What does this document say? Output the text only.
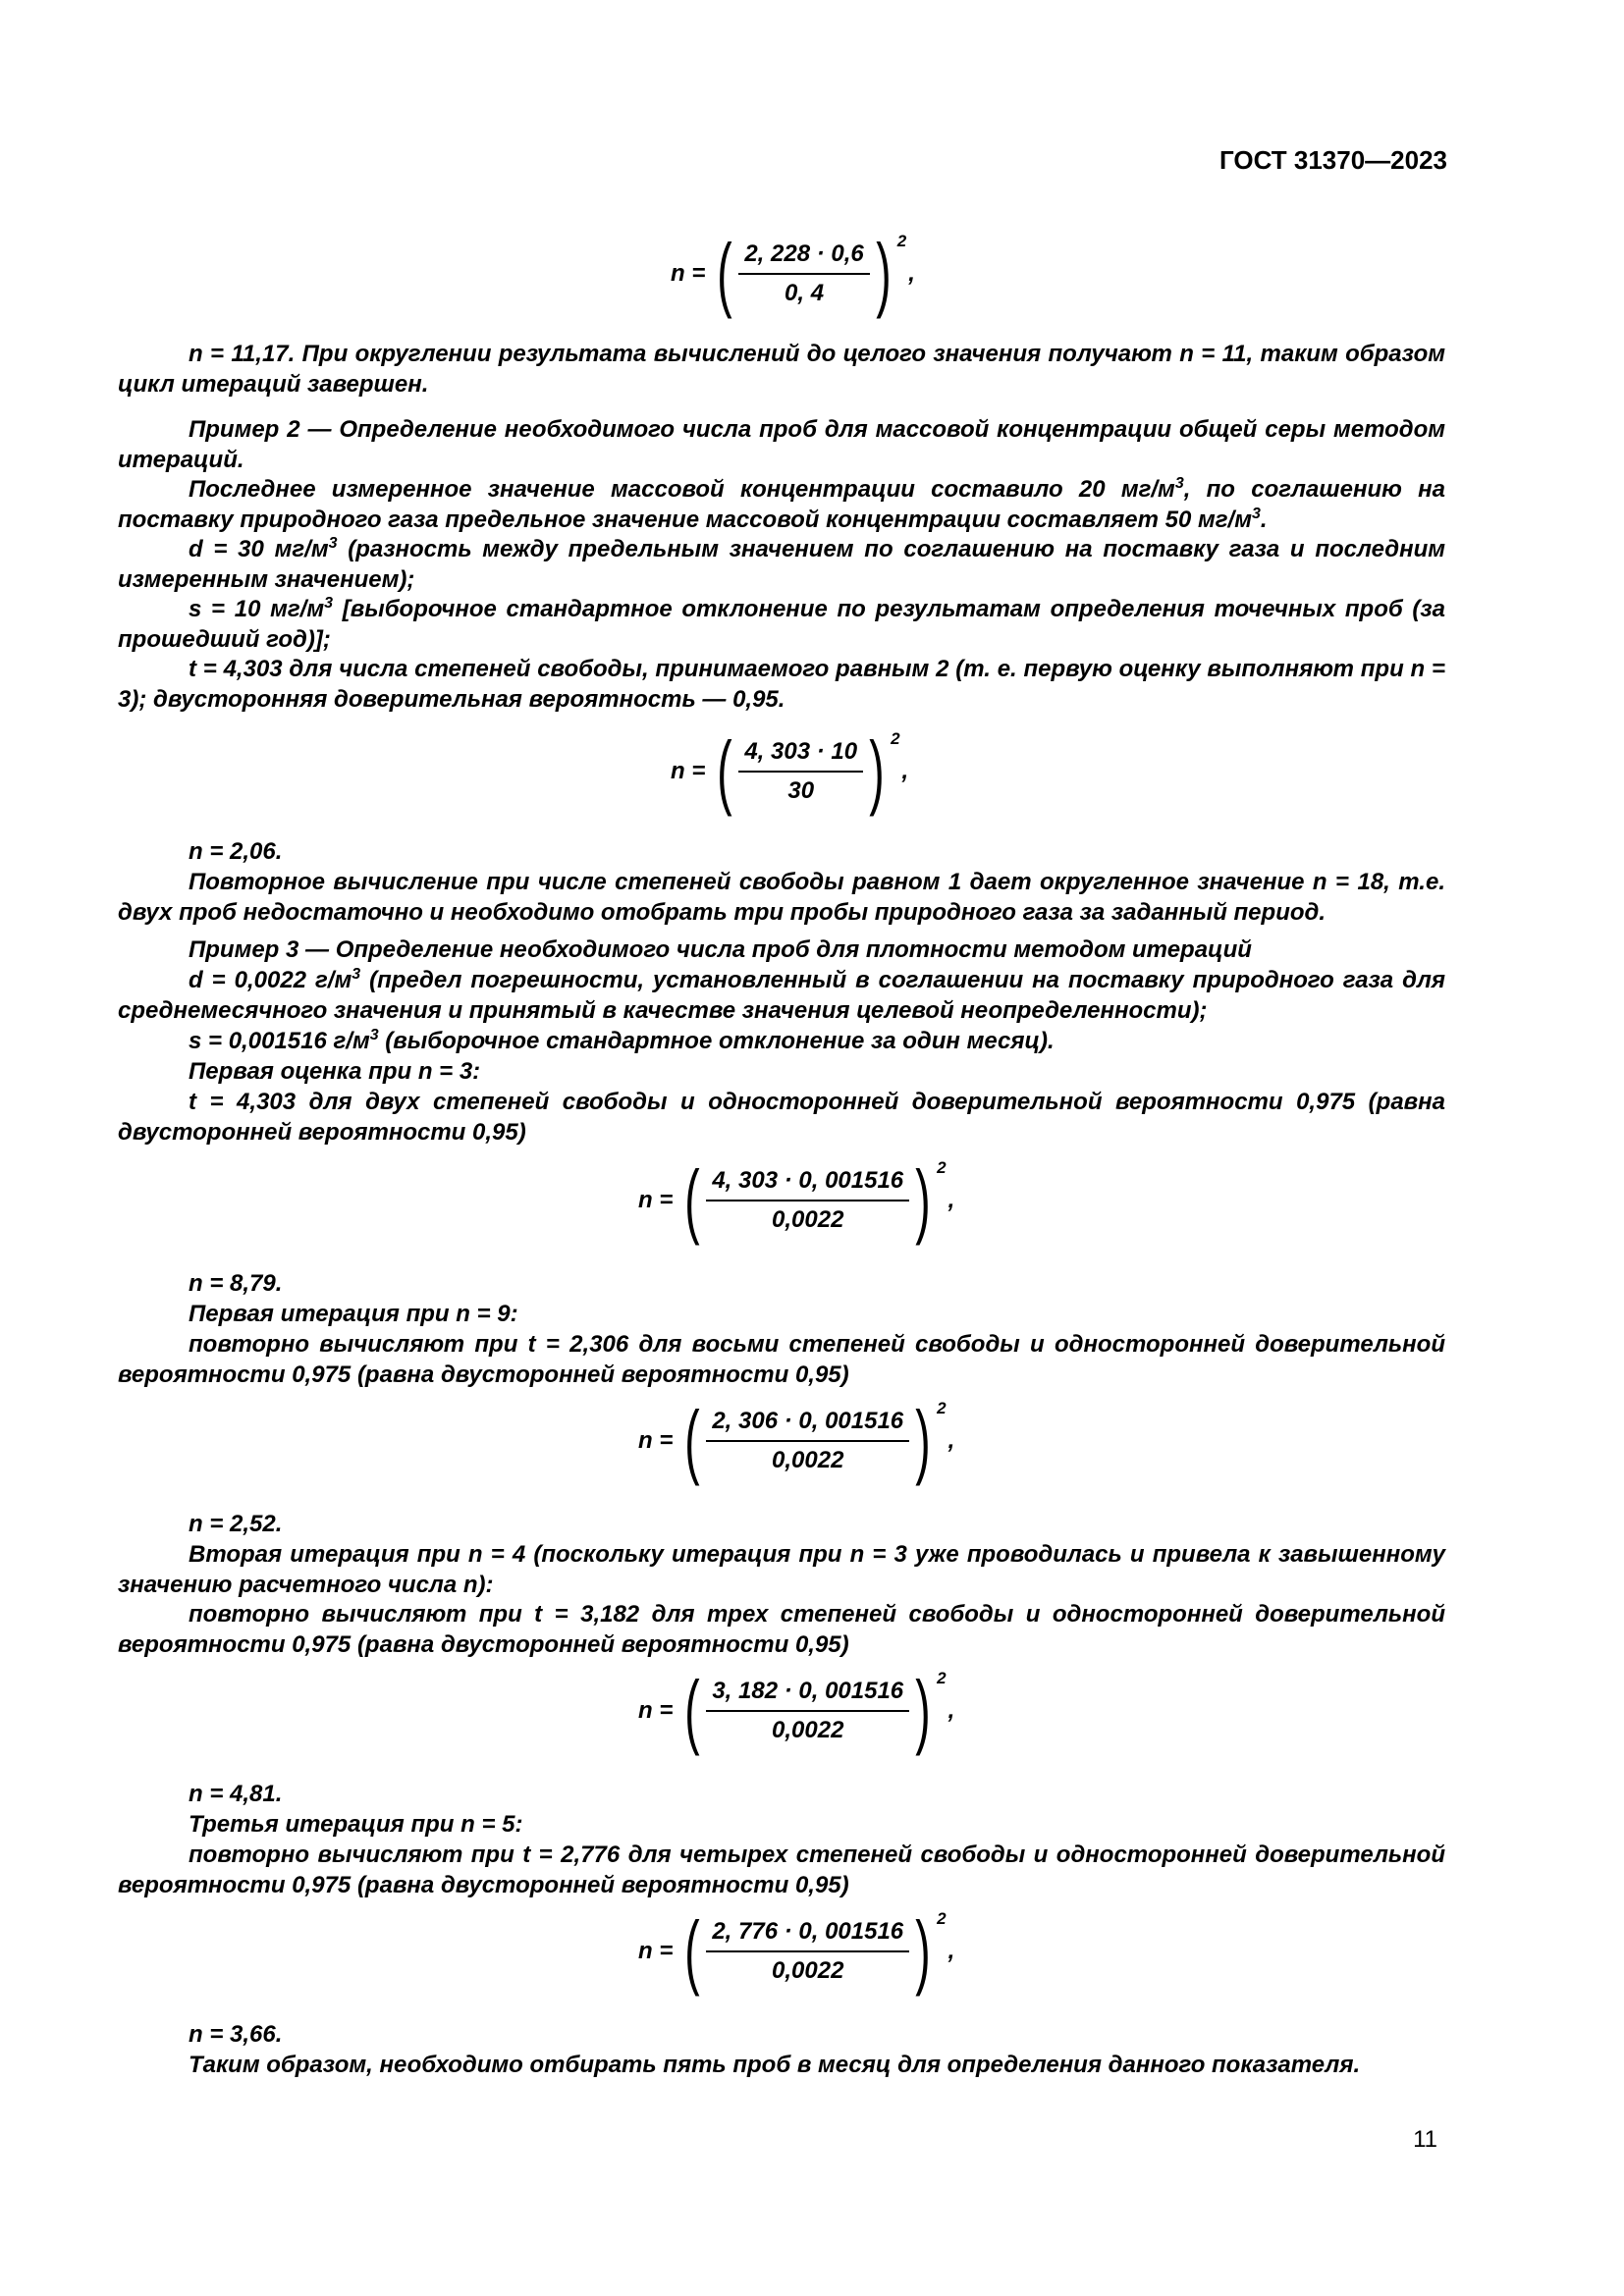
ГОСТ 31370—2023
n = ( $\frac{2, 228 \cdot 0,6}{0, 4}$ ) 2
,

n = 11,17. При округлении результата вычислений до целого значения получают n = 11, таким образом цикл итераций завершен.

Пример 2 — Определение необходимого числа проб для массовой концентрации общей серы методом итераций.

Последнее измеренное значение массовой концентрации составило 20 $мг/м^3$, по соглашению на поставку природного газа предельное значение массовой концентрации составляет 50 $мг/м^3$.

d = 30 $мг/м^3$ (разность между предельным значением по соглашению на поставку газа и последним измеренным значением);

s = 10 $мг/м^3$ [выборочное стандартное отклонение по результатам определения точечных проб (за прошедший год)];

t = 4,303 для числа степеней свободы, принимаемого равным 2 (т. е. первую оценку выполняют при n = 3); двусторонняя доверительная вероятность — 0,95.

n = ( $\frac{4, 303 \cdot 10}{30}$ ) 2
,

n = 2,06.

Повторное вычисление при числе степеней свободы равном 1 дает округленное значение n = 18, т.е. двух проб недостаточно и необходимо отобрать три пробы природного газа за заданный период.

Пример 3 — Определение необходимого числа проб для плотности методом итераций

d = 0,0022 $г/м^3$ (предел погрешности, установленный в соглашении на поставку природного газа для среднемесячного значения и принятый в качестве значения целевой неопределенности);

s = 0,001516 $г/м^3$ (выборочное стандартное отклонение за один месяц).

Первая оценка при n = 3:

t = 4,303 для двух степеней свободы и односторонней доверительной вероятности 0,975 (равна двусторонней вероятности 0,95)

n = ( $\frac{4, 303 \cdot 0, 001516}{0,0022}$ ) 2
,

n = 8,79.

Первая итерация при n = 9:

повторно вычисляют при t = 2,306 для восьми степеней свободы и односторонней доверительной вероятности 0,975 (равна двусторонней вероятности 0,95)

n = ( $\frac{2, 306 \cdot 0, 001516}{0,0022}$ ) 2
,

n = 2,52.

Вторая итерация при n = 4 (поскольку итерация при n = 3 уже проводилась и привела к завышенному значению расчетного числа n):

повторно вычисляют при t = 3,182 для трех степеней свободы и односторонней доверительной вероятности 0,975 (равна двусторонней вероятности 0,95)

n = ( $\frac{3, 182 \cdot 0, 001516}{0,0022}$ ) 2
,

n = 4,81.

Третья итерация при n = 5:

повторно вычисляют при t = 2,776 для четырех степеней свободы и односторонней доверительной вероятности 0,975 (равна двусторонней вероятности 0,95)

n = ( $\frac{2, 776 \cdot 0, 001516}{0,0022}$ ) 2
,

n = 3,66.

Таким образом, необходимо отбирать пять проб в месяц для определения данного показателя.

11
